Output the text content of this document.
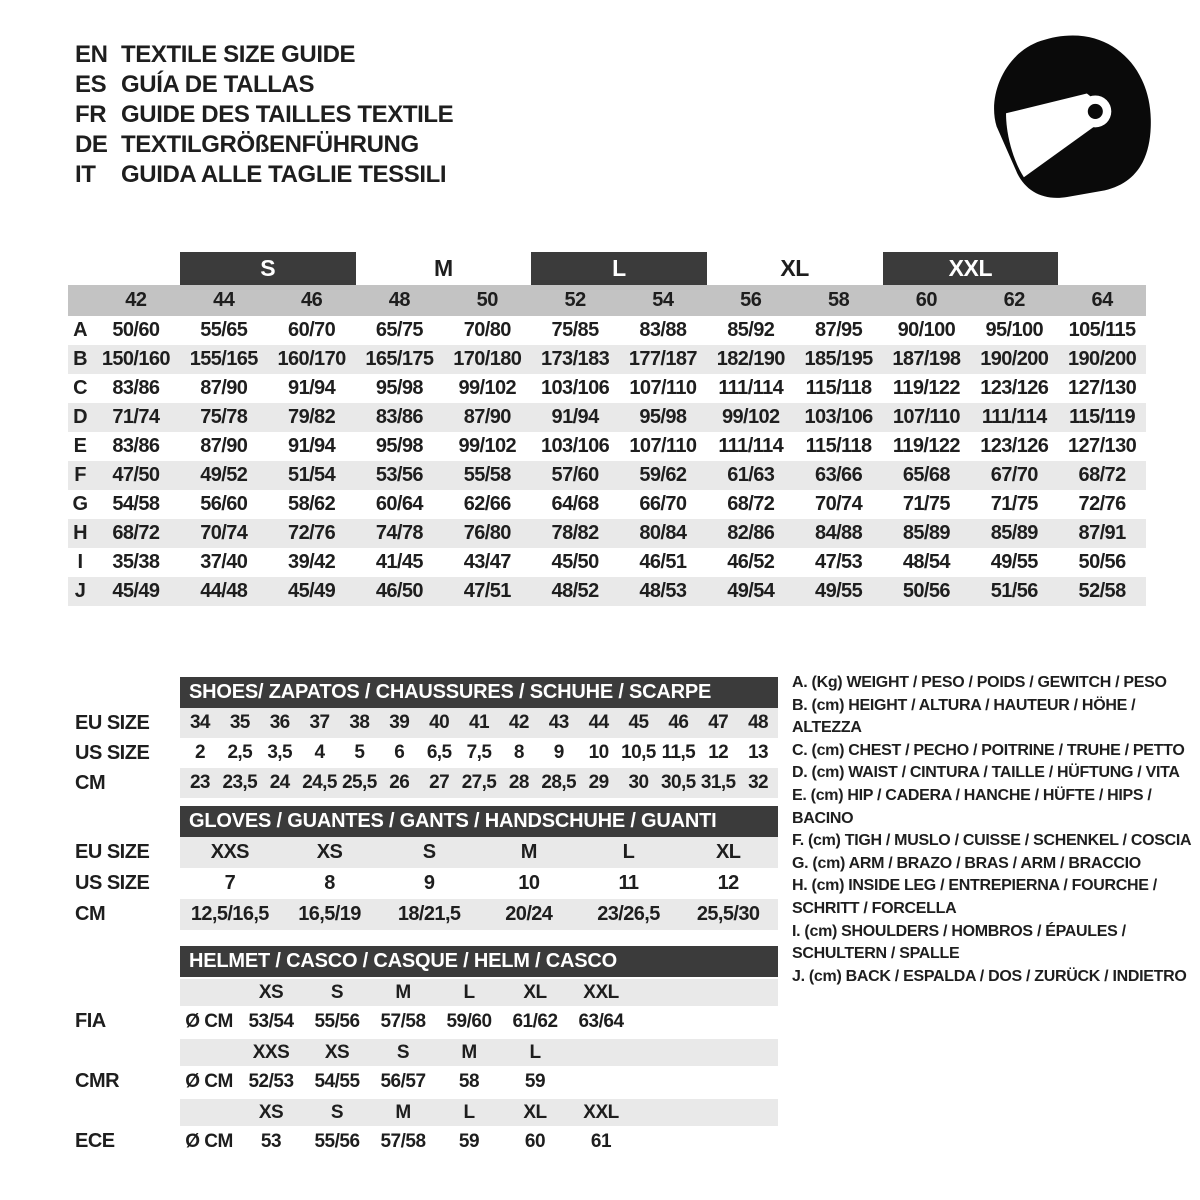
EN TEXTILE SIZE GUIDE
ES GUÍA DE TALLAS
FR GUIDE DES TAILLES TEXTILE
DE TEXTILGRÖßENFÜHRUNG
IT	GUIDA ALLE TAGLIE TESSILI
S	M	L	XL	XXL
42	44	46	48	50	52	54	56	58	60	62	64
A	50/60	55/65	60/70	65/75	70/80	75/85	83/88	85/92	87/95	90/100	95/100	105/115
B 150/160 155/165 160/170 165/175 170/180 173/183 177/187 182/190 185/195 187/198 190/200 190/200
C	83/86	87/90	91/94	95/98	99/102	103/106	107/110	111/114	115/118	119/122	123/126 127/130
D	71/74	75/78	79/82	83/86	87/90	91/94	95/98	99/102	103/106	107/110	111/114	115/119
E	83/86	87/90	91/94	95/98	99/102	103/106	107/110	111/114	115/118	119/122	123/126 127/130
F	47/50	49/52	51/54	53/56	55/58	57/60	59/62	61/63	63/66	65/68	67/70	68/72
G	54/58	56/60	58/62	60/64	62/66	64/68	66/70	68/72	70/74	71/75	71/75	72/76
H	68/72	70/74	72/76	74/78	76/80	78/82	80/84	82/86	84/88	85/89	85/89	87/91
I	35/38	37/40	39/42	41/45	43/47	45/50	46/51	46/52	47/53	48/54	49/55	50/56
J	45/49	44/48	45/49	46/50	47/51	48/52	48/53	49/54	49/55	50/56	51/56	52/58
SHOES/ ZAPATOS / CHAUSSURES / SCHUHE / SCARPE
EU SIZE	34	35	36	37	38	39	40	41	42	43	44	45	46	47	48
US SIZE	2	2,5 3,5	4	5	6	6,5 7,5	8	9	10 10,5 11,5 12	13
CM	23 23,5 24 24,5 25,5 26	27 27,5 28 28,5 29	30 30,5 31,5 32
GLOVES / GUANTES / GANTS / HANDSCHUHE / GUANTI
EU SIZE	XXS	XS	S	M	L	XL
US SIZE	7	8	9	10	11	12
CM	12,5/16,5	16,5/19	18/21,5	20/24	23/26,5	25,5/30
HELMET / CASCO / CASQUE / HELM / CASCO
XS	S	M	L	XL	XXL
FIA	Ø CM 53/54	55/56	57/58	59/60	61/62	63/64
XXS	XS	S	M	L
CMR	Ø CM 52/53	54/55	56/57	58	59
XS	S	M	L	XL	XXL
ECE	Ø CM	53	55/56	57/58	59	60	61
A. (Kg) WEIGHT / PESO / POIDS / GEWITCH / PESO
B. (cm) HEIGHT / ALTURA / HAUTEUR / HÖHE / ALTEZZA
C. (cm) CHEST / PECHO / POITRINE / TRUHE / PETTO
D. (cm) WAIST / CINTURA / TAILLE / HÜFTUNG / VITA
E. (cm) HIP / CADERA / HANCHE / HÜFTE / HIPS / BACINO
F. (cm) TIGH / MUSLO / CUISSE / SCHENKEL / COSCIA
G. (cm) ARM / BRAZO / BRAS / ARM / BRACCIO
H. (cm) INSIDE LEG / ENTREPIERNA / FOURCHE / SCHRITT / FORCELLA
I. (cm) SHOULDERS / HOMBROS / ÉPAULES / SCHULTERN / SPALLE
J. (cm) BACK / ESPALDA / DOS / ZURÜCK / INDIETRO
